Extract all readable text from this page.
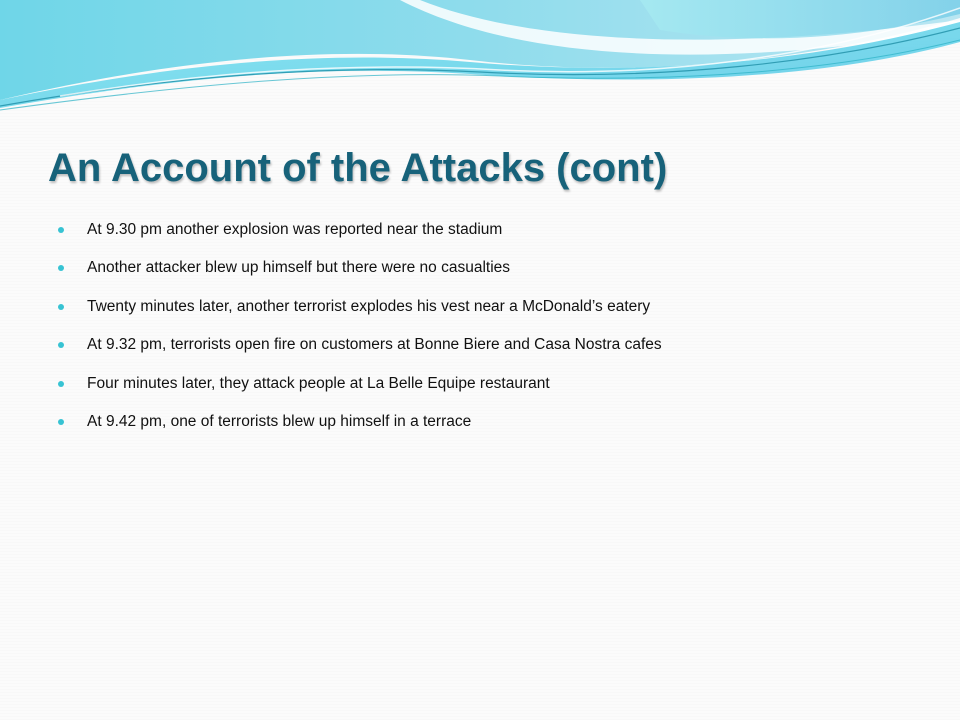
An Account of the Attacks (cont)
At 9.30 pm another explosion was reported near the stadium
Another attacker blew up himself but there were no casualties
Twenty minutes later, another terrorist explodes his vest near a McDonald’s eatery
At 9.32 pm, terrorists open fire on customers at Bonne Biere and Casa Nostra cafes
Four minutes later, they attack people at La Belle Equipe restaurant
At 9.42 pm, one of terrorists blew up himself in a terrace
